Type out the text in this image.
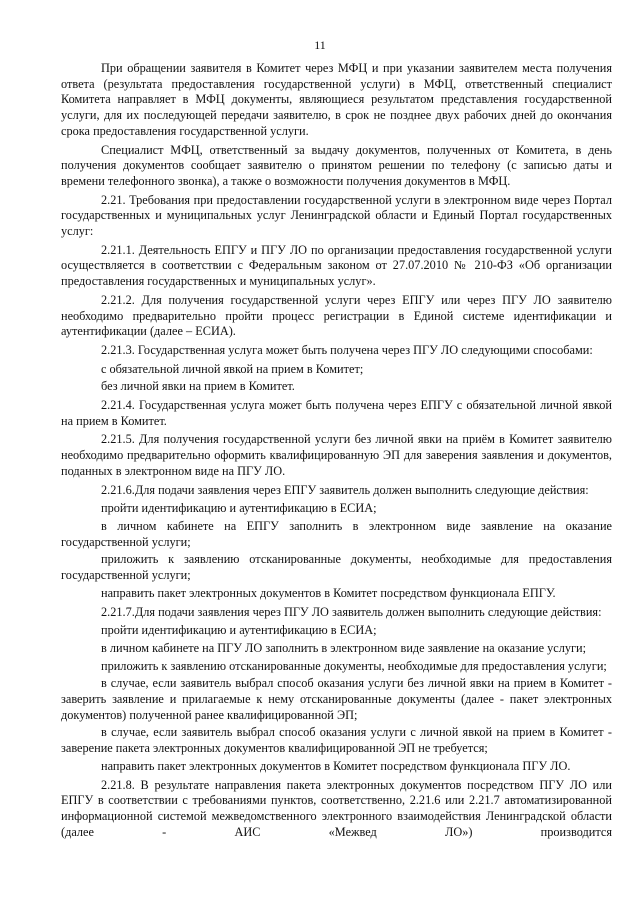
11

При обращении заявителя в Комитет через МФЦ и при указании заявителем места получения ответа (результата предоставления государственной услуги) в МФЦ, ответственный специалист Комитета направляет в МФЦ документы, являющиеся результатом представления государственной услуги, для их последующей передачи заявителю, в срок не позднее двух рабочих дней до окончания срока предоставления государственной услуги.

Специалист МФЦ, ответственный за выдачу документов, полученных от Комитета, в день получения документов сообщает заявителю о принятом решении по телефону (с записью даты и времени телефонного звонка), а также о возможности получения документов в МФЦ.

2.21. Требования при предоставлении государственной услуги в электронном виде через Портал государственных и муниципальных услуг Ленинградской области и Единый Портал государственных услуг:

2.21.1. Деятельность ЕПГУ и ПГУ ЛО по организации предоставления государственной услуги осуществляется в соответствии с Федеральным законом от 27.07.2010 № 210-ФЗ «Об организации предоставления государственных и муниципальных услуг».

2.21.2. Для получения государственной услуги через ЕПГУ или через ПГУ ЛО заявителю необходимо предварительно пройти процесс регистрации в Единой системе идентификации и аутентификации (далее – ЕСИА).

2.21.3. Государственная услуга может быть получена через ПГУ ЛО следующими способами:

с обязательной личной явкой на прием в Комитет;

без личной явки на прием в Комитет.

2.21.4. Государственная услуга может быть получена через ЕПГУ с обязательной личной явкой на прием в Комитет.

2.21.5. Для получения государственной услуги без личной явки на приём в Комитет заявителю необходимо предварительно оформить квалифицированную ЭП для заверения заявления и документов, поданных в электронном виде на ПГУ ЛО.

2.21.6.Для подачи заявления через ЕПГУ заявитель должен выполнить следующие действия:

пройти идентификацию и аутентификацию в ЕСИА;

в личном кабинете на ЕПГУ заполнить в электронном виде заявление на оказание государственной услуги;

приложить к заявлению отсканированные документы, необходимые для предоставления государственной услуги;

направить пакет электронных документов в Комитет посредством функционала ЕПГУ.

2.21.7.Для подачи заявления через ПГУ ЛО заявитель должен выполнить следующие действия:

пройти идентификацию и аутентификацию в ЕСИА;

в личном кабинете на ПГУ ЛО заполнить в электронном виде заявление на оказание услуги;

приложить к заявлению отсканированные документы, необходимые для предоставления услуги;

в случае, если заявитель выбрал способ оказания услуги без личной явки на прием в Комитет - заверить заявление и прилагаемые к нему отсканированные документы (далее - пакет электронных документов) полученной ранее квалифицированной ЭП;

в случае, если заявитель выбрал способ оказания услуги с личной явкой на прием в Комитет - заверение пакета электронных документов квалифицированной ЭП не требуется;

направить пакет электронных документов в Комитет посредством функционала ПГУ ЛО.

2.21.8. В результате направления пакета электронных документов посредством ПГУ ЛО или ЕПГУ в соответствии с требованиями пунктов, соответственно, 2.21.6 или 2.21.7 автоматизированной информационной системой межведомственного электронного взаимодействия Ленинградской области (далее - АИС «Межвед ЛО») производится
